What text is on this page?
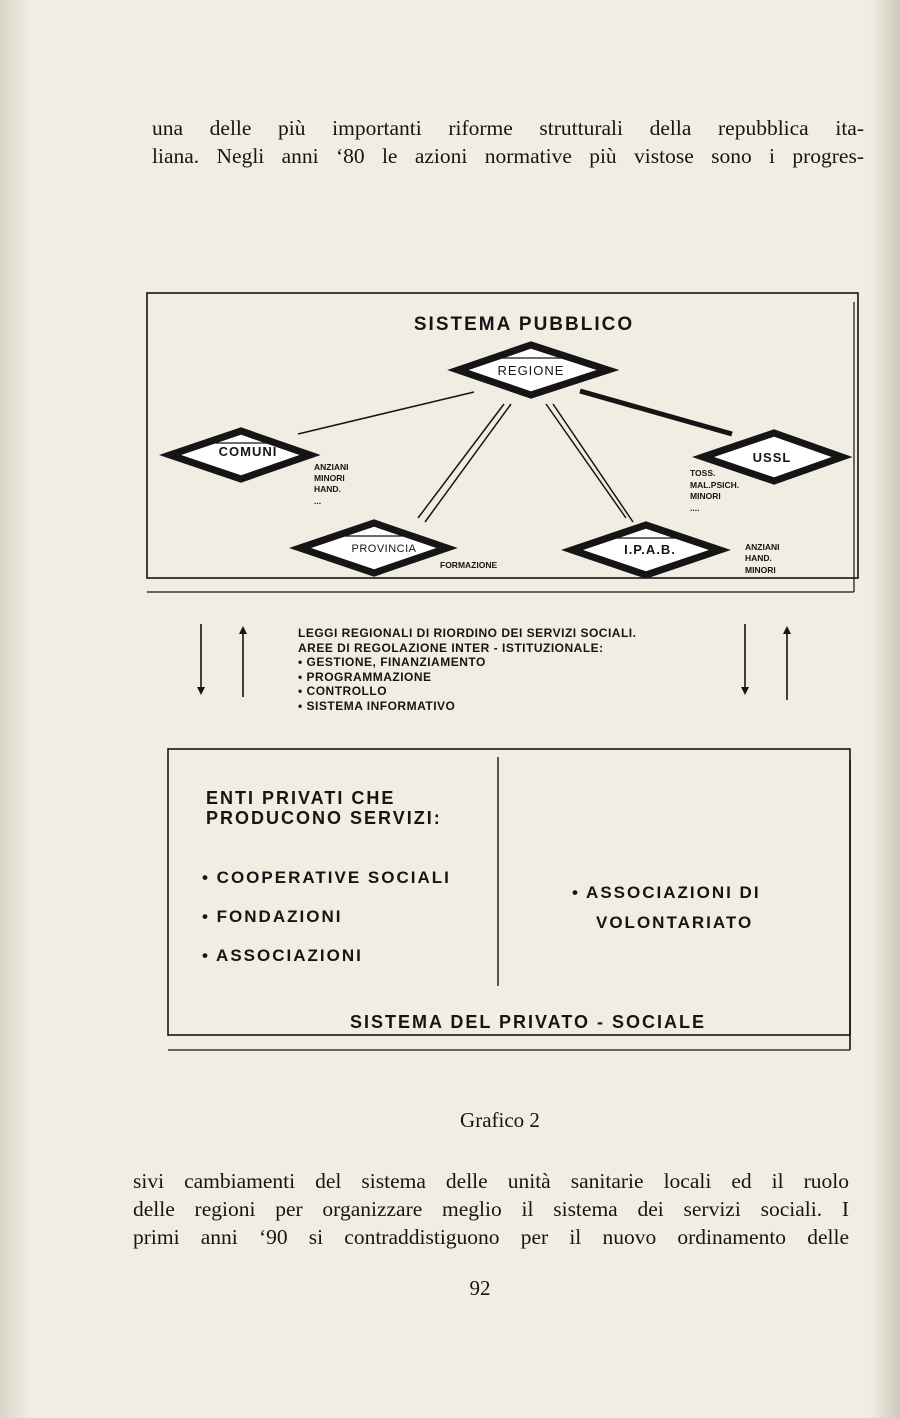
una delle più importanti riforme strutturali della repubblica ita-
liana. Negli anni ‘80 le azioni normative più vistose sono i progres-
REGIONE
COMUNI	USSL
PROVINCIA	I.P.A.B.
SISTEMA PUBBLICO
ANZIANI
MINORI
HAND.
...
TOSS.
MAL.PSICH.
MINORI
....
FORMAZIONE
ANZIANI
HAND.
MINORI
LEGGI REGIONALI DI RIORDINO DEI SERVIZI SOCIALI.
AREE DI REGOLAZIONE INTER - ISTITUZIONALE:
• GESTIONE, FINANZIAMENTO
• PROGRAMMAZIONE
• CONTROLLO
• SISTEMA INFORMATIVO
ENTI PRIVATI CHE
PRODUCONO SERVIZI:
• COOPERATIVE SOCIALI
• FONDAZIONI
• ASSOCIAZIONI
• ASSOCIAZIONI DI
VOLONTARIATO
SISTEMA DEL PRIVATO - SOCIALE
Grafico 2
sivi cambiamenti del sistema delle unità sanitarie locali ed il ruolo
delle regioni per organizzare meglio il sistema dei servizi sociali. I
primi anni ‘90 si contraddistiguono per il nuovo ordinamento delle
92
